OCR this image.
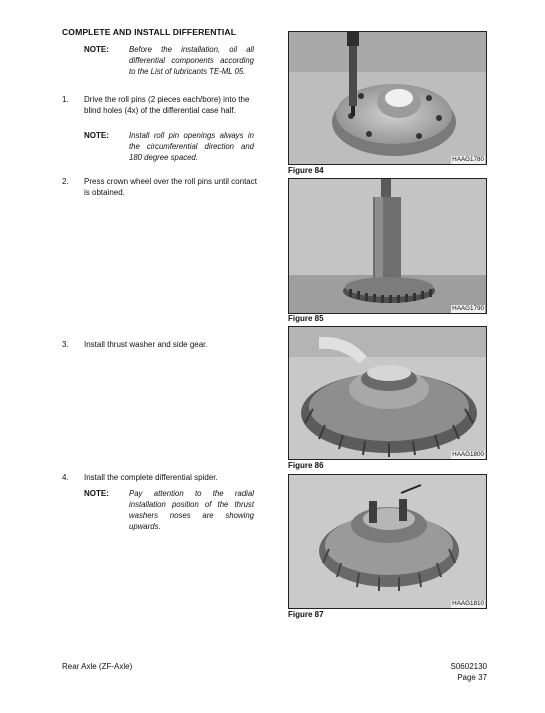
COMPLETE AND INSTALL DIFFERENTIAL
NOTE:	Before the installation, oil all differential components according to the List of lubricants TE-ML 05.
1. Drive the roll pins (2 pieces each/bore) into the blind holes (4x) of the differential case half.
NOTE:	Install roll pin openings always in the circumferential direction and 180 degree spaced.
2. Press crown wheel over the roll pins until contact is obtained.
3. Install thrust washer and side gear.
4. Install the complete differential spider.
NOTE:	Pay attention to the radial installation position of the thrust washers noses are showing upwards.
HAAG1780
Figure 84
HAAG1790
Figure 85
HAAG1800
Figure 86
HAAG1810
Figure 87
Rear Axle (ZF-Axle)	S0602130
Page 37
